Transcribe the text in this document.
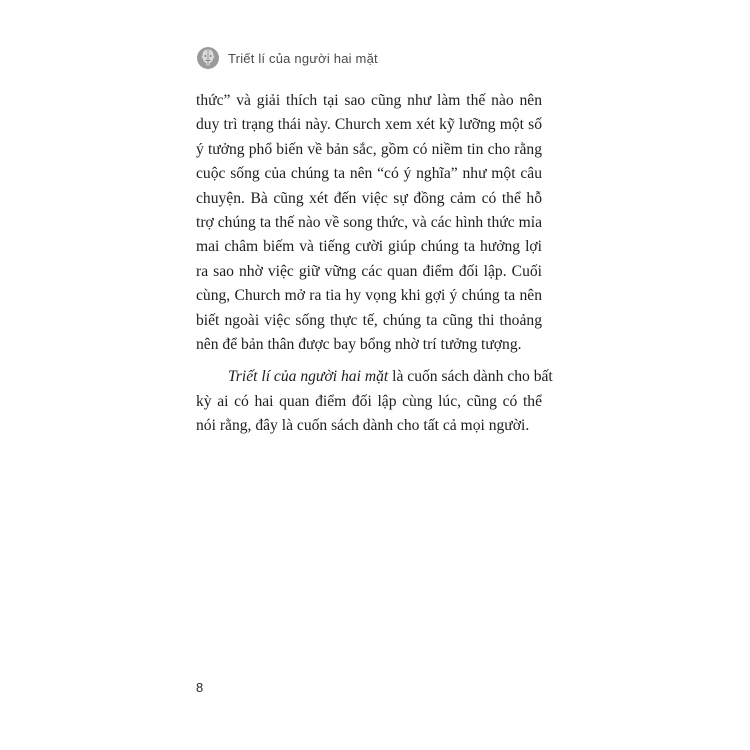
Triết lí của người hai mặt

thức” và giải thích tại sao cũng như làm thế nào nên
duy trì trạng thái này. Church xem xét kỹ lưỡng một số
ý tưởng phổ biến về bản sắc, gồm có niềm tin cho rằng
cuộc sống của chúng ta nên “có ý nghĩa” như một câu
chuyện. Bà cũng xét đến việc sự đồng cảm có thể hỗ
trợ chúng ta thế nào về song thức, và các hình thức mỉa
mai châm biếm và tiếng cười giúp chúng ta hưởng lợi
ra sao nhờ việc giữ vững các quan điểm đối lập. Cuối
cùng, Church mở ra tia hy vọng khi gợi ý chúng ta nên
biết ngoài việc sống thực tế, chúng ta cũng thi thoảng
nên để bản thân được bay bổng nhờ trí tưởng tượng.

Triết lí của người hai mặt là cuốn sách dành cho bất
kỳ ai có hai quan điểm đối lập cùng lúc, cũng có thể
nói rằng, đây là cuốn sách dành cho tất cả mọi người.

8
